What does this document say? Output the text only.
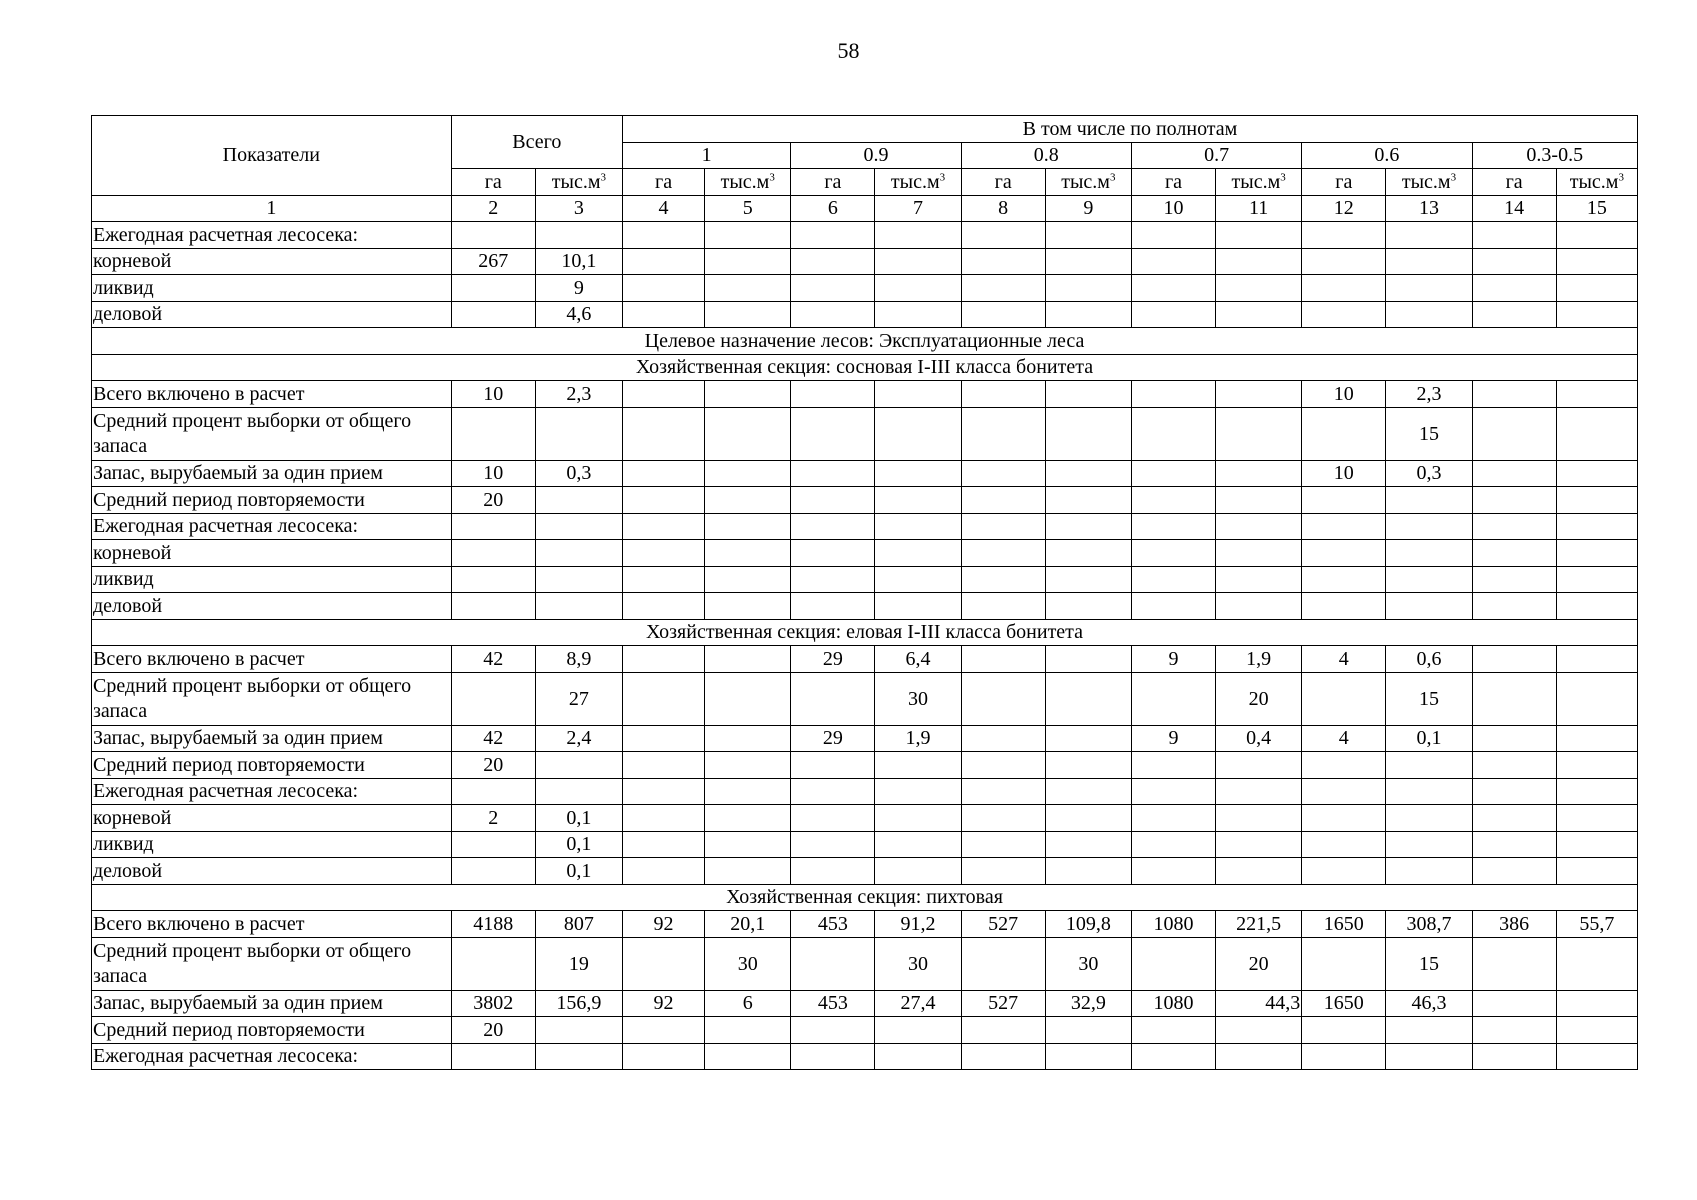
58
Показатели	Всего		В том числе по полнотам											
			1		0.9		0.8		0.7		0.6		0.3-0.5	
	га	$тыс.м^3$	га	$тыс.м^3$	га	$тыс.м^3$	га	$тыс.м^3$	га	$тыс.м^3$	га	$тыс.м^3$	га	$тыс.м^3$
1	2	3	4	5	6	7	8	9	10	11	12	13	14	15
Ежегодная расчетная лесосека:														
корневой	267	10,1												
ликвид		9												
деловой		4,6												
Целевое назначение лесов: Эксплуатационные леса														
Хозяйственная секция: сосновая I-III класса бонитета														
Всего включено в расчет	10	2,3									10	2,3		
Средний процент выборки от общего запаса												15		
Запас, вырубаемый за один прием	10	0,3									10	0,3		
Средний период повторяемости	20													
Ежегодная расчетная лесосека:														
корневой														
ликвид														
деловой														
Хозяйственная секция: еловая I-III класса бонитета														
Всего включено в расчет	42	8,9			29	6,4			9	1,9	4	0,6		
Средний процент выборки от общего запаса		27				30				20		15		
Запас, вырубаемый за один прием	42	2,4			29	1,9			9	0,4	4	0,1		
Средний период повторяемости	20													
Ежегодная расчетная лесосека:														
корневой	2	0,1												
ликвид		0,1												
деловой		0,1												
Хозяйственная секция: пихтовая														
Всего включено в расчет	4188	807	92	20,1	453	91,2	527	109,8	1080	221,5	1650	308,7	386	55,7
Средний процент выборки от общего запаса		19		30		30		30		20		15		
Запас, вырубаемый за один прием	3802	156,9	92	6	453	27,4	527	32,9	1080	44,3	1650	46,3		
Средний период повторяемости	20													
Ежегодная расчетная лесосека:														
